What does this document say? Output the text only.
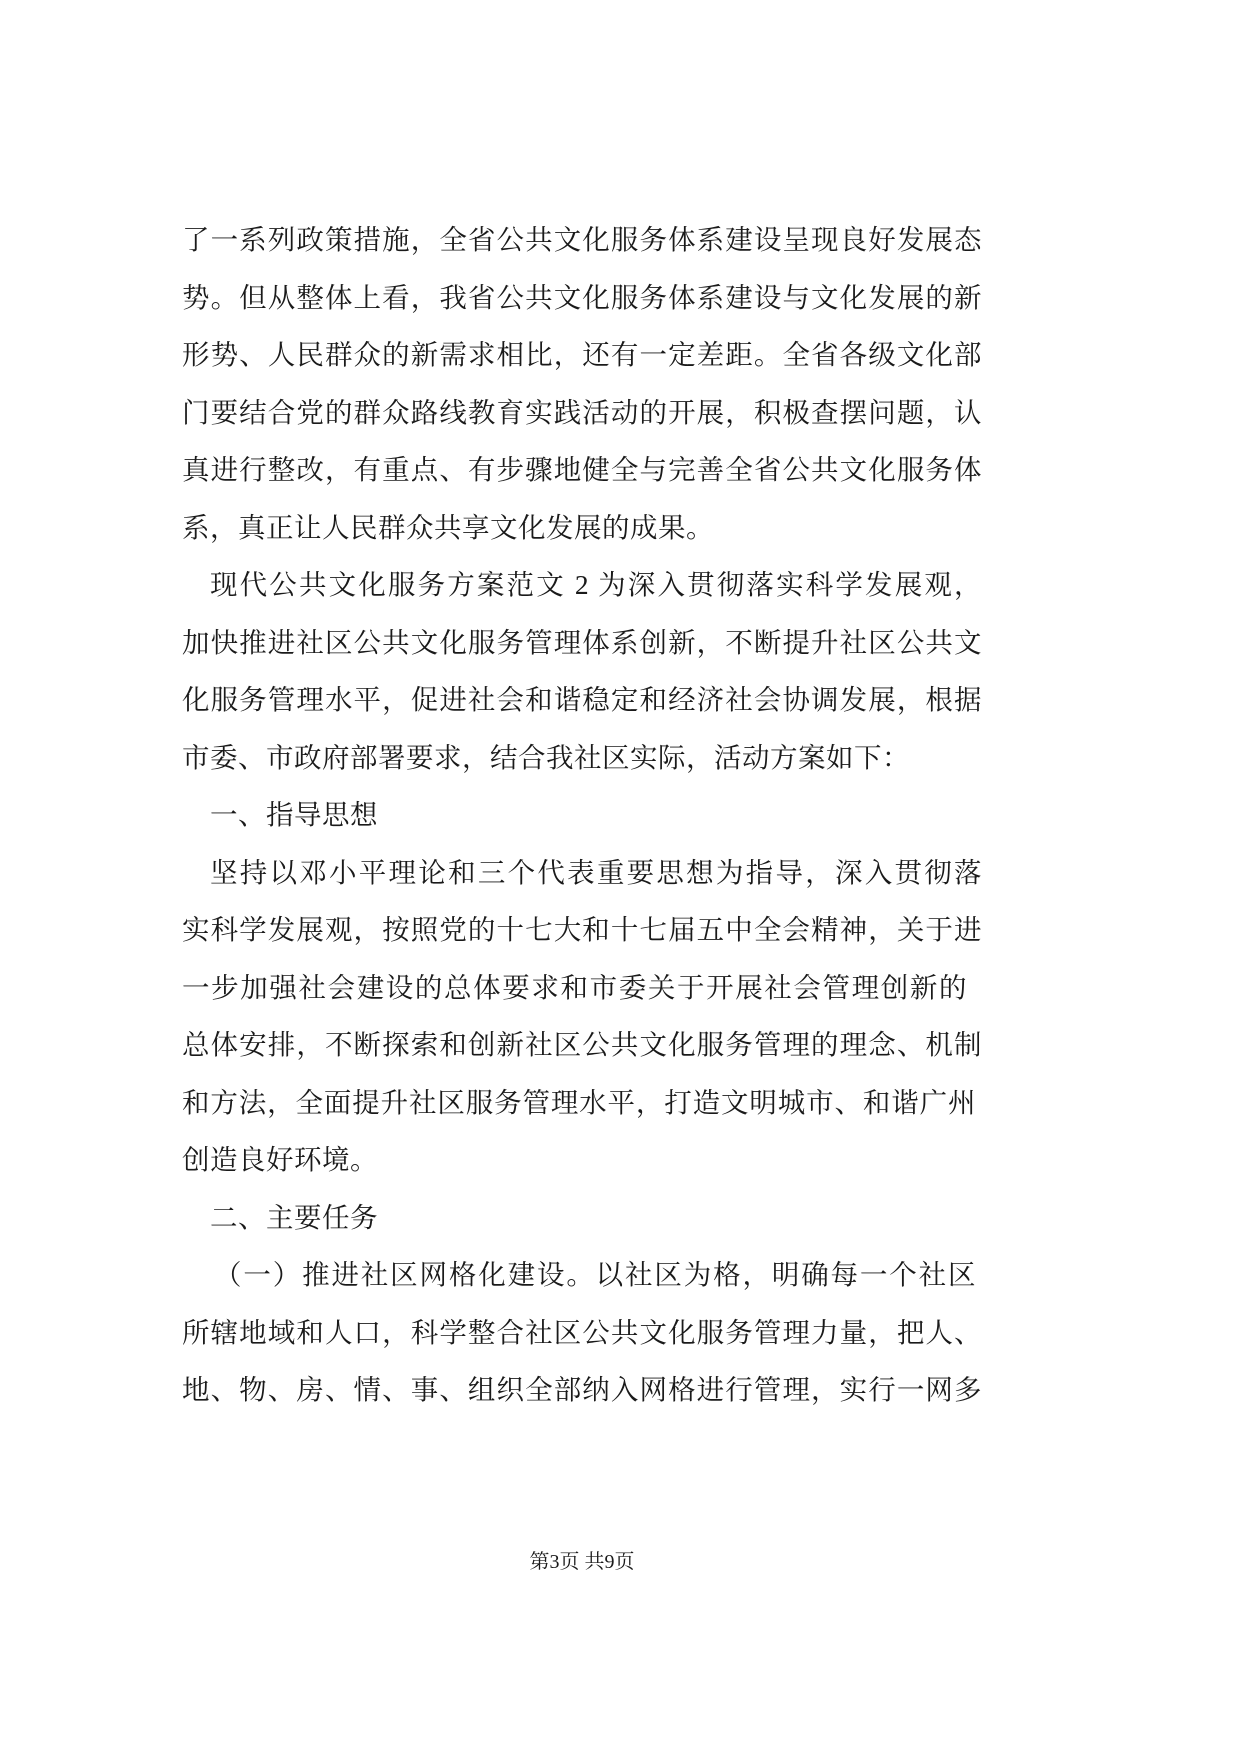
了一系列政策措施，全省公共文化服务体系建设呈现良好发展态
势。但从整体上看，我省公共文化服务体系建设与文化发展的新
形势、人民群众的新需求相比，还有一定差距。全省各级文化部
门要结合党的群众路线教育实践活动的开展，积极查摆问题，认
真进行整改，有重点、有步骤地健全与完善全省公共文化服务体
系，真正让人民群众共享文化发展的成果。
现代公共文化服务方案范文 2 为深入贯彻落实科学发展观，
加快推进社区公共文化服务管理体系创新，不断提升社区公共文
化服务管理水平，促进社会和谐稳定和经济社会协调发展，根据
市委、市政府部署要求，结合我社区实际，活动方案如下：
一、指导思想
坚持以邓小平理论和三个代表重要思想为指导，深入贯彻落
实科学发展观，按照党的十七大和十七届五中全会精神，关于进
一步加强社会建设的总体要求和市委关于开展社会管理创新的
总体安排，不断探索和创新社区公共文化服务管理的理念、机制
和方法，全面提升社区服务管理水平，打造文明城市、和谐广州
创造良好环境。
二、主要任务
（一）推进社区网格化建设。以社区为格，明确每一个社区
所辖地域和人口，科学整合社区公共文化服务管理力量，把人、
地、物、房、情、事、组织全部纳入网格进行管理，实行一网多
第3页 共9页
